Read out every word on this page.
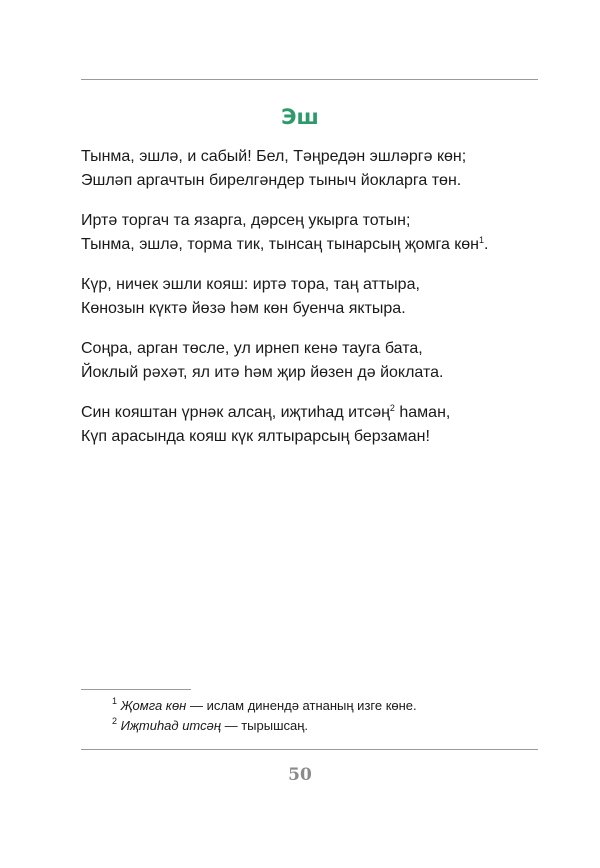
Эш
Тынма, эшлә, и сабый! Бел, Тәңредән эшләргә көн;
Эшләп аргачтын бирелгәндер тыныч йокларга төн.
Иртә торгач та язарга, дәрсең укырга тотын;
Тынма, эшлә, торма тик, тынсаң тынарсың җомга көн$^1$.
Күр, ничек эшли кояш: иртә тора, таң аттыра,
Көнозын күктә йөзә һәм көн буенча яктыра.
Соңра, арган төсле, ул ирнеп кенә тауга бата,
Йоклый рәхәт, ял итә һәм җир йөзен дә йоклата.
Син кояштан үрнәк алсаң, иҗтиһад итсәң$^2$ һаман,
Күп арасында кояш күк ялтырарсың берзаман!
$^1$ Җомга көн — ислам динендә атнаның изге көне.
$^2$ Иҗтиһад итсәң — тырышсаң.
50
